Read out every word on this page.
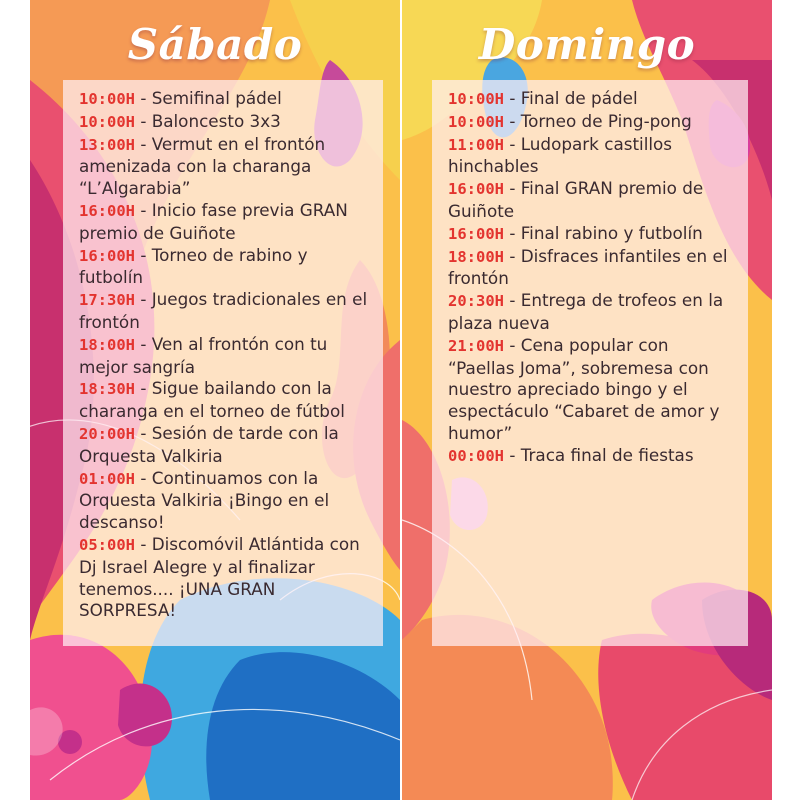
Sábado
10:00H - Semifinal pádel
10:00H - Baloncesto 3x3
13:00H - Vermut en el frontón amenizada con la charanga “L’Algarabia”
16:00H - Inicio fase previa GRAN premio de Guiñote
16:00H - Torneo de rabino y futbolín
17:30H - Juegos tradicionales en el frontón
18:00H - Ven al frontón con tu mejor sangría
18:30H - Sigue bailando con la charanga en el torneo de fútbol
20:00H - Sesión de tarde con la Orquesta Valkiria
01:00H - Continuamos con la Orquesta Valkiria ¡Bingo en el descanso!
05:00H - Discomóvil Atlántida con Dj Israel Alegre y al finalizar tenemos.... ¡UNA GRAN SORPRESA!
Domingo
10:00H - Final de pádel
10:00H - Torneo de Ping-pong
11:00H - Ludopark castillos hinchables
16:00H - Final GRAN premio de Guiñote
16:00H - Final rabino y futbolín
18:00H - Disfraces infantiles en el frontón
20:30H - Entrega de trofeos en la plaza nueva
21:00H - Cena popular con “Paellas Joma”, sobremesa con nuestro apreciado bingo y el espectáculo “Cabaret de amor y humor”
00:00H - Traca final de fiestas
